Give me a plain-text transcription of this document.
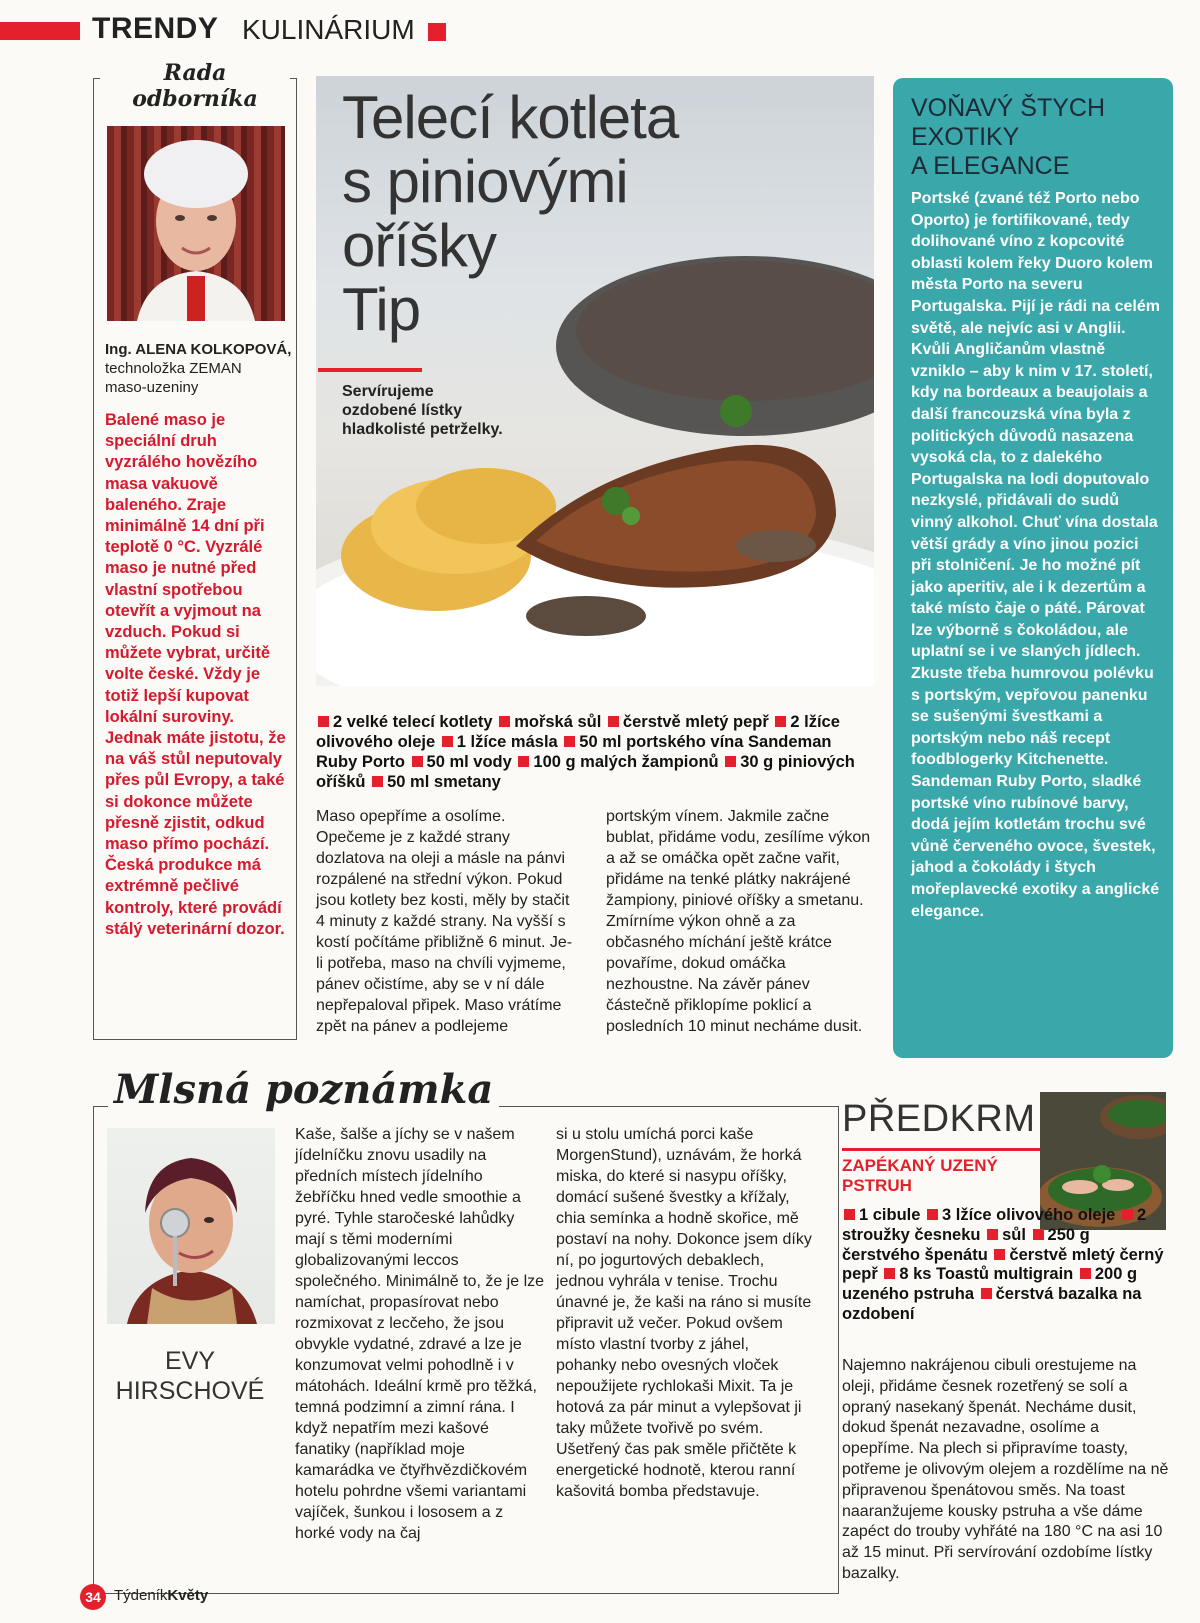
TRENDY KULINÁRIUM
Rada
odborníka
Ing. ALENA KOLKOPOVÁ,
technoložka ZEMAN
maso-uzeniny
Balené maso je speciální druh vyzrálého hovězího masa vakuově baleného. Zraje minimálně 14 dní při teplotě 0 °C. Vyzrálé maso je nutné před vlastní spotřebou otevřít a vyjmout na vzduch. Pokud si můžete vybrat, určitě volte české. Vždy je totiž lepší kupovat lokální suroviny. Jednak máte jistotu, že na váš stůl neputovaly přes půl Evropy, a také si dokonce můžete přesně zjistit, odkud maso přímo pochází. Česká produkce má extrémně pečlivé kontroly, které provádí stálý veterinární dozor.
Telecí kotleta
s piniovými
oříšky
Tip
Servírujeme ozdobené lístky hladkolisté petrželky.
2 velké telecí kotlety mořská sůl čerstvě mletý pepř 2 lžíce olivového oleje 1 lžíce másla 50 ml portského vína Sandeman Ruby Porto 50 ml vody 100 g malých žampionů 30 g piniových oříšků 50 ml smetany
Maso opepříme a osolíme. Opečeme je z každé strany dozlatova na oleji a másle na pánvi rozpálené na střední výkon. Pokud jsou kotlety bez kosti, měly by stačit 4 minuty z každé strany. Na vyšší s kostí počítáme přibližně 6 minut. Je-li potřeba, maso na chvíli vyjmeme, pánev očistíme, aby se v ní dále nepřepaloval připek. Maso vrátíme zpět na pánev a podlejeme
portským vínem. Jakmile začne bublat, přidáme vodu, zesílíme výkon a až se omáčka opět začne vařit, přidáme na tenké plátky nakrájené žampiony, piniové oříšky a smetanu. Zmírníme výkon ohně a za občasného míchání ještě krátce povaříme, dokud omáčka nezhoustne. Na závěr pánev částečně přiklopíme poklicí a posledních 10 minut necháme dusit.
VOŇAVÝ ŠTYCH
EXOTIKY
A ELEGANCE
Portské (zvané též Porto nebo Oporto) je fortifikované, tedy dolihované víno z kopcovité oblasti kolem řeky Duoro kolem města Porto na severu Portugalska. Pijí je rádi na celém světě, ale nejvíc asi v Anglii. Kvůli Angličanům vlastně vzniklo – aby k nim v 17. století, kdy na bordeaux a beaujolais a další francouzská vína byla z politických důvodů nasazena vysoká cla, to z dalekého Portugalska na lodi doputovalo nezkyslé, přidávali do sudů vinný alkohol. Chuť vína dostala větší grády a víno jinou pozici při stolničení. Je ho možné pít jako aperitiv, ale i k dezertům a také místo čaje o páté. Párovat lze výborně s čokoládou, ale uplatní se i ve slaných jídlech. Zkuste třeba humrovou polévku s portským, vepřovou panenku se sušenými švestkami a portským nebo náš recept foodblogerky Kitchenette. Sandeman Ruby Porto, sladké portské víno rubínové barvy, dodá jejím kotletám trochu své vůně červeného ovoce, švestek, jahod a čokolády i štych mořeplavecké exotiky a anglické elegance.
Mlsná poznámka
EVY
HIRSCHOVÉ
Kaše, šalše a jíchy se v našem jídelníčku znovu usadily na předních místech jídelního žebříčku hned vedle smoothie a pyré. Tyhle staročeské lahůdky mají s těmi moderními globalizovanými leccos společného. Minimálně to, že je lze namíchat, propasírovat nebo rozmixovat z lecčeho, že jsou obvykle vydatné, zdravé a lze je konzumovat velmi pohodlně i v mátohách. Ideální krmě pro těžká, temná podzimní a zimní rána. I když nepatřím mezi kašové fanatiky (například moje kamarádka ve čtyřhvězdičkovém hotelu pohrdne všemi variantami vajíček, šunkou i lososem a z horké vody na čaj
si u stolu umíchá porci kaše MorgenStund), uznávám, že horká miska, do které si nasypu oříšky, domácí sušené švestky a křížaly, chia semínka a hodně skořice, mě postaví na nohy. Dokonce jsem díky ní, po jogurtových debaklech, jednou vyhrála v tenise. Trochu únavné je, že kaši na ráno si musíte připravit už večer. Pokud ovšem místo vlastní tvorby z jáhel, pohanky nebo ovesných vloček nepoužijete rychlokaši Mixit. Ta je hotová za pár minut a vylepšovat ji taky můžete tvořivě po svém. Ušetřený čas pak směle přičtěte k energetické hodnotě, kterou ranní kašovitá bomba představuje.
PŘEDKRM
ZAPÉKANÝ UZENÝ PSTRUH
1 cibule 3 lžíce olivového oleje 2 stroužky česneku sůl 250 g čerstvého špenátu čerstvě mletý černý pepř 8 ks Toastů multigrain 200 g uzeného pstruha čerstvá bazalka na ozdobení
Najemno nakrájenou cibuli orestujeme na oleji, přidáme česnek rozetřený se solí a opraný nasekaný špenát. Necháme dusit, dokud špenát nezavadne, osolíme a opepříme. Na plech si připravíme toasty, potřeme je olivovým olejem a rozdělíme na ně připravenou špenátovou směs. Na toast naaranžujeme kousky pstruha a vše dáme zapéct do trouby vyhřáté na 180 °C na asi 10 až 15 minut. Při servírování ozdobíme lístky bazalky.
34 TýdeníkKvěty
